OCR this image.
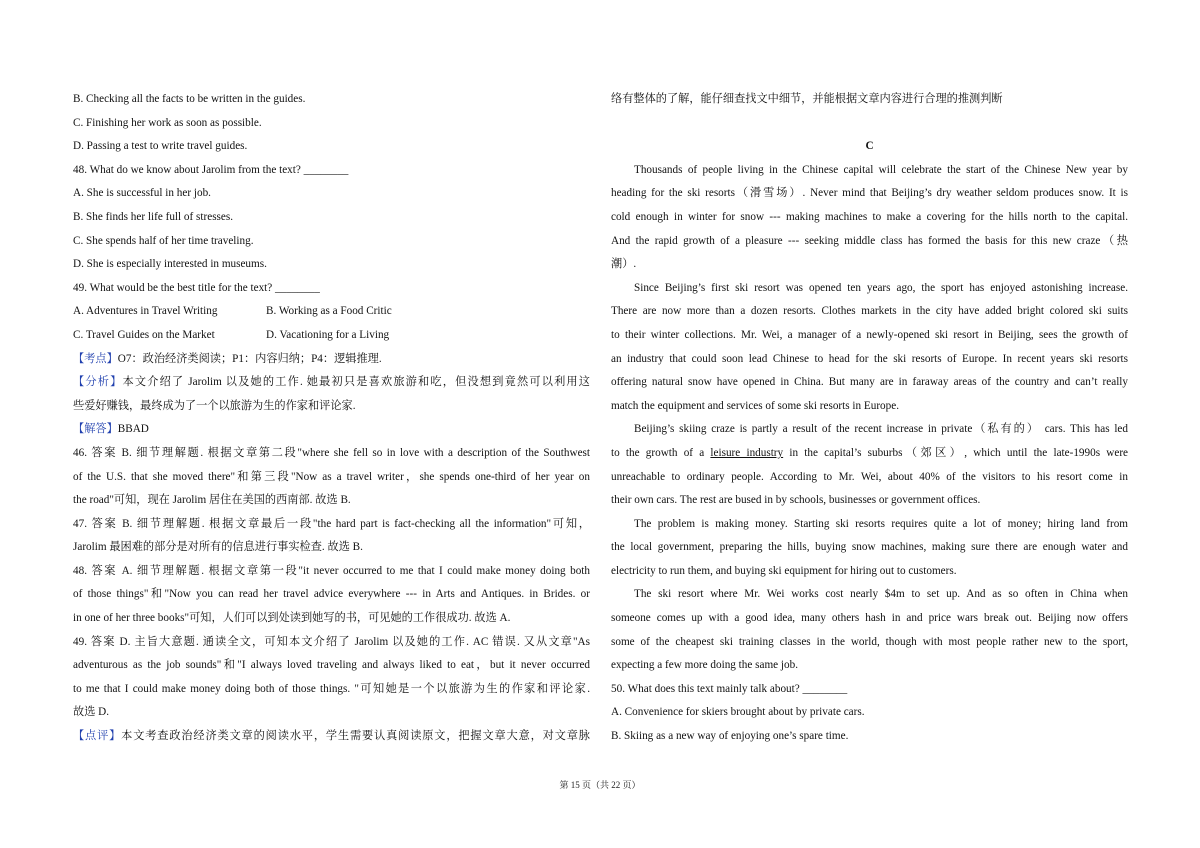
B. Checking all the facts to be written in the guides.
C. Finishing her work as soon as possible.
D. Passing a test to write travel guides.
48. What do we know about Jarolim from the text? ________
A. She is successful in her job.
B. She finds her life full of stresses.
C. She spends half of her time traveling.
D. She is especially interested in museums.
49. What would be the best title for the text? ________
A. Adventures in Travel Writing	B. Working as a Food Critic
C. Travel Guides on the Market	D. Vacationing for a Living
【考点】O7：政治经济类阅读；P1：内容归纳；P4：逻辑推理.
【分析】本文介绍了 Jarolim 以及她的工作. 她最初只是喜欢旅游和吃，但没想到竟然可以利用这
些爱好赚钱，最终成为了一个以旅游为生的作家和评论家.
【解答】BBAD
46. 答案 B. 细节理解题. 根据文章第二段"where she fell so in love with a description of the Southwest
of the U.S. that she moved there"和第三段"Now as a travel writer，she spends one-third of her year on
the road"可知，现在 Jarolim 居住在美国的西南部. 故选 B.
47. 答案 B. 细节理解题. 根据文章最后一段"the hard part is fact-checking all the information"可知，
Jarolim 最困难的部分是对所有的信息进行事实检查. 故选 B.
48. 答案 A. 细节理解题. 根据文章第一段"it never occurred to me that I could make money doing both
of those things"和"Now you can read her travel advice everywhere --- in Arts and Antiques. in Brides. or
in one of her three books"可知，人们可以到处读到她写的书，可见她的工作很成功. 故选 A.
49. 答案 D. 主旨大意题. 通读全文，可知本文介绍了 Jarolim 以及她的工作. AC 错误. 又从文章"As
adventurous as the job sounds"和"I always loved traveling and always liked to eat，but it never occurred
to me that I could make money doing both of those things. "可知她是一个以旅游为生的作家和评论家.
故选 D.
【点评】本文考查政治经济类文章的阅读水平，学生需要认真阅读原文，把握文章大意，对文章脉
络有整体的了解，能仔细查找文中细节，并能根据文章内容进行合理的推测判断
C
Thousands of people living in the Chinese capital will celebrate the start of the Chinese New year by
heading for the ski resorts（滑雪场）. Never mind that Beijing’s dry weather seldom produces snow. It is
cold enough in winter for snow --- making machines to make a covering for the hills north to the capital.
And the rapid growth of a pleasure --- seeking middle class has formed the basis for this new craze（热
潮）.
Since Beijing’s first ski resort was opened ten years ago, the sport has enjoyed astonishing increase.
There are now more than a dozen resorts. Clothes markets in the city have added bright colored ski suits
to their winter collections. Mr. Wei, a manager of a newly-opened ski resort in Beijing, sees the growth of
an industry that could soon lead Chinese to head for the ski resorts of Europe. In recent years ski resorts
offering natural snow have opened in China. But many are in faraway areas of the country and can’t really
match the equipment and services of some ski resorts in Europe.
Beijing’s skiing craze is partly a result of the recent increase in private（私有的） cars. This has led
to the growth of a leisure industry in the capital’s suburbs（郊区）, which until the late-1990s were
unreachable to ordinary people. According to Mr. Wei, about 40% of the visitors to his resort come in
their own cars. The rest are bused in by schools, businesses or government offices.
The problem is making money. Starting ski resorts requires quite a lot of money; hiring land from
the local government, preparing the hills, buying snow machines, making sure there are enough water and
electricity to run them, and buying ski equipment for hiring out to customers.
The ski resort where Mr. Wei works cost nearly $4m to set up. And as so often in China when
someone comes up with a good idea, many others hash in and price wars break out. Beijing now offers
some of the cheapest ski training classes in the world, though with most people rather new to the sport,
expecting a few more doing the same job.
50. What does this text mainly talk about? ________
A. Convenience for skiers brought about by private cars.
B. Skiing as a new way of enjoying one’s spare time.
第 15 页（共 22 页）
